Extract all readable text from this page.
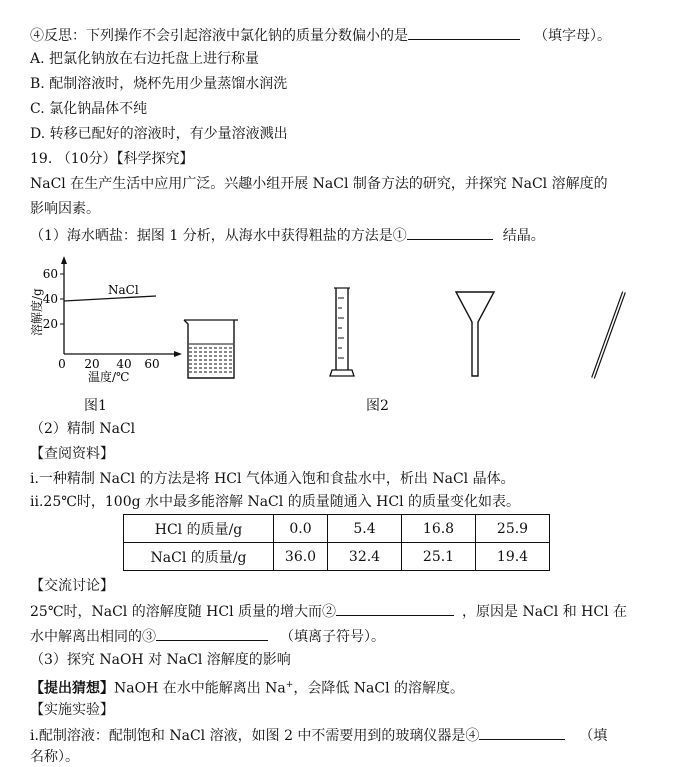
④反思：下列操作不会引起溶液中氯化钠的质量分数偏小的是	（填字母）。
A. 把氯化钠放在右边托盘上进行称量
B. 配制溶液时，烧杯先用少量蒸馏水润洗
C. 氯化钠晶体不纯
D. 转移已配好的溶液时，有少量溶液溅出
19. （10分）【科学探究】
NaCl 在生产生活中应用广泛。兴趣小组开展 NaCl 制备方法的研究，并探究 NaCl 溶解度的
影响因素。
（1）海水晒盐：据图 1 分析，从海水中获得粗盐的方法是①	结晶。
60
40
20
0 20 40 60
NaCl
溶解度/g
温度/℃
图1	图2
（2）精制 NaCl
【查阅资料】
ⅰ.一种精制 NaCl 的方法是将 HCl 气体通入饱和食盐水中，析出 NaCl 晶体。
ⅱ.25℃时，100g 水中最多能溶解 NaCl 的质量随通入 HCl 的质量变化如表。
HCl 的质量/g	0.0	5.4	16.8	25.9
NaCl 的质量/g	36.0	32.4	25.1	19.4
【交流讨论】
25℃时，NaCl 的溶解度随 HCl 质量的增大而②	，原因是 NaCl 和 HCl 在
水中解离出相同的③	（填离子符号）。
（3）探究 NaOH 对 NaCl 溶解度的影响
【提出猜想】NaOH 在水中能解离出 Na+，会降低 NaCl 的溶解度。
【实施实验】
ⅰ.配制溶液：配制饱和 NaCl 溶液，如图 2 中不需要用到的玻璃仪器是④	（填
名称）。
